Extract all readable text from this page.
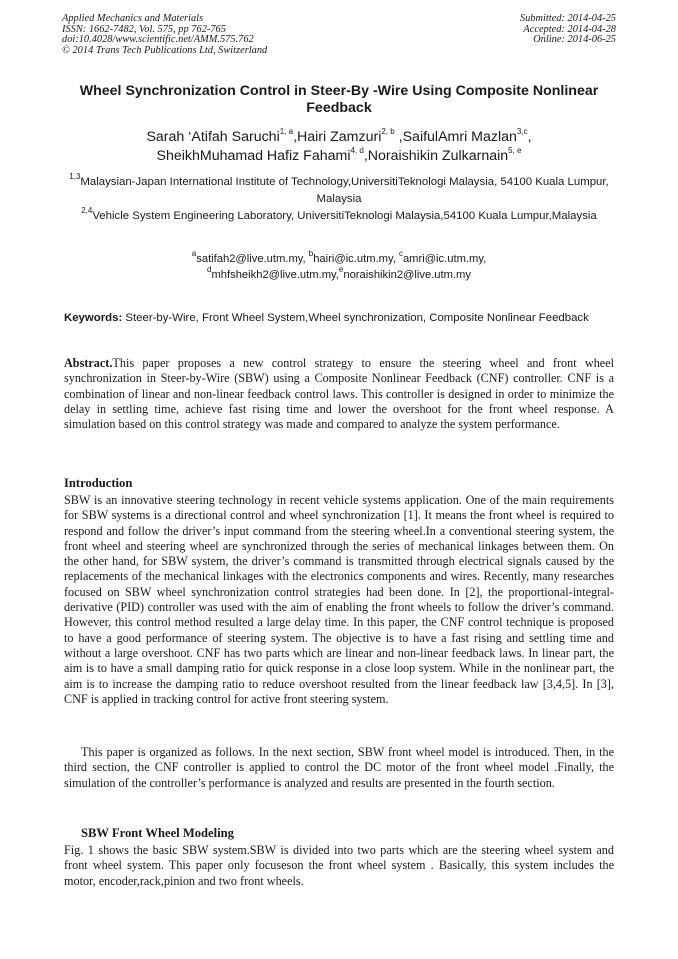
Applied Mechanics and Materials
ISSN: 1662-7482, Vol. 575, pp 762-765
doi:10.4028/www.scientific.net/AMM.575.762
© 2014 Trans Tech Publications Ltd, Switzerland
Submitted: 2014-04-25
Accepted: 2014-04-28
Online: 2014-06-25
Wheel Synchronization Control in Steer-By -Wire Using Composite Nonlinear Feedback
Sarah ‘Atifah Saruchi$^{1, a}$,Hairi Zamzuri$^{2, b}$ ,SaifulAmri Mazlan$^{3,c}$,
SheikhMuhamad Hafiz Fahami$^{4, d}$,Noraishikin Zulkarnain$^{5, e}$
$^{1,3}$Malaysian-Japan International Institute of Technology,UniversitiTeknologi Malaysia, 54100 Kuala Lumpur, Malaysia
$^{2,4}$Vehicle System Engineering Laboratory, UniversitiTeknologi Malaysia,54100 Kuala Lumpur,Malaysia
$^a$satifah2@live.utm.my, $^b$hairi@ic.utm.my, $^c$amri@ic.utm.my,
$^d$mhfsheikh2@live.utm.my,$^e$noraishikin2@live.utm.my
Keywords: Steer-by-Wire, Front Wheel System,Wheel synchronization, Composite Nonlinear Feedback
Abstract.This paper proposes a new control strategy to ensure the steering wheel and front wheel synchronization in Steer-by-Wire (SBW) using a Composite Nonlinear Feedback (CNF) controller. CNF is a combination of linear and non-linear feedback control laws. This controller is designed in order to minimize the delay in settling time, achieve fast rising time and lower the overshoot for the front wheel response. A simulation based on this control strategy was made and compared to analyze the system performance.
Introduction
SBW is an innovative steering technology in recent vehicle systems application. One of the main requirements for SBW systems is a directional control and wheel synchronization [1]. It means the front wheel is required to respond and follow the driver’s input command from the steering wheel.In a conventional steering system, the front wheel and steering wheel are synchronized through the series of mechanical linkages between them. On the other hand, for SBW system, the driver’s command is transmitted through electrical signals caused by the replacements of the mechanical linkages with the electronics components and wires. Recently, many researches focused on SBW wheel synchronization control strategies had been done. In [2], the proportional-integral-derivative (PID) controller was used with the aim of enabling the front wheels to follow the driver’s command. However, this control method resulted a large delay time. In this paper, the CNF control technique is proposed to have a good performance of steering system. The objective is to have a fast rising and settling time and without a large overshoot. CNF has two parts which are linear and non-linear feedback laws. In linear part, the aim is to have a small damping ratio for quick response in a close loop system. While in the nonlinear part, the aim is to increase the damping ratio to reduce overshoot resulted from the linear feedback law [3,4,5]. In [3], CNF is applied in tracking control for active front steering system.
This paper is organized as follows. In the next section, SBW front wheel model is introduced. Then, in the third section, the CNF controller is applied to control the DC motor of the front wheel model .Finally, the simulation of the controller’s performance is analyzed and results are presented in the fourth section.
SBW Front Wheel Modeling
Fig. 1 shows the basic SBW system.SBW is divided into two parts which are the steering wheel system and front wheel system. This paper only focuseson the front wheel system . Basically, this system includes the motor, encoder,rack,pinion and two front wheels.
